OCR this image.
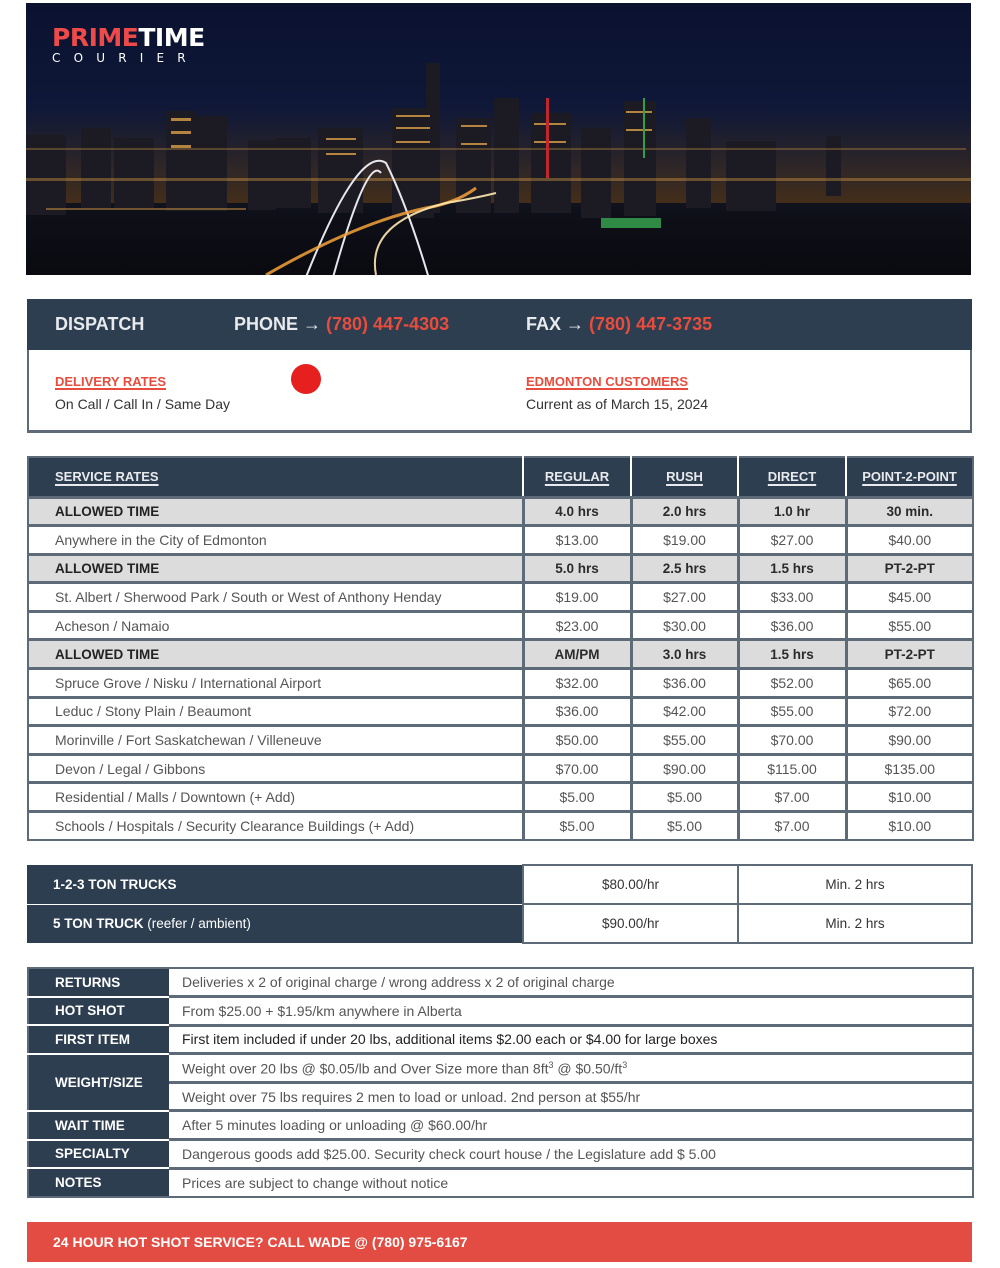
PRIMETIME
COURIER
DISPATCH	PHONE → (780) 447-4303	FAX → (780) 447-3735
DELIVERY RATES
On Call / Call In / Same Day
EDMONTON CUSTOMERS
Current as of March 15, 2024
SERVICE RATES	REGULAR	RUSH	DIRECT	POINT-2-POINT
ALLOWED TIME	4.0 hrs	2.0 hrs	1.0 hr	30 min.
Anywhere in the City of Edmonton	$13.00	$19.00	$27.00	$40.00
ALLOWED TIME	5.0 hrs	2.5 hrs	1.5 hrs	PT-2-PT
St. Albert / Sherwood Park / South or West of Anthony Henday	$19.00	$27.00	$33.00	$45.00
Acheson / Namaio	$23.00	$30.00	$36.00	$55.00
ALLOWED TIME	AM/PM	3.0 hrs	1.5 hrs	PT-2-PT
Spruce Grove / Nisku / International Airport	$32.00	$36.00	$52.00	$65.00
Leduc / Stony Plain / Beaumont	$36.00	$42.00	$55.00	$72.00
Morinville / Fort Saskatchewan / Villeneuve	$50.00	$55.00	$70.00	$90.00
Devon / Legal / Gibbons	$70.00	$90.00	$115.00	$135.00
Residential / Malls / Downtown (+ Add)	$5.00	$5.00	$7.00	$10.00
Schools / Hospitals / Security Clearance Buildings (+ Add)	$5.00	$5.00	$7.00	$10.00
1-2-3 TON TRUCKS	$80.00/hr	Min. 2 hrs
5 TON TRUCK (reefer / ambient)	$90.00/hr	Min. 2 hrs
RETURNS	Deliveries x 2 of original charge / wrong address x 2 of original charge
HOT SHOT	From $25.00 + $1.95/km anywhere in Alberta
FIRST ITEM	First item included if under 20 lbs, additional items $2.00 each or $4.00 for large boxes
WEIGHT/SIZE	Weight over 20 lbs @ $0.05/lb and Over Size more than $8ft^3$ @ $\$0.50/ft^3$
	Weight over 75 lbs requires 2 men to load or unload. 2nd person at $55/hr
WAIT TIME	After 5 minutes loading or unloading @ $60.00/hr
SPECIALTY	Dangerous goods add $25.00. Security check court house / the Legislature add $ 5.00
NOTES	Prices are subject to change without notice
24 HOUR HOT SHOT SERVICE? CALL WADE @ (780) 975-6167
